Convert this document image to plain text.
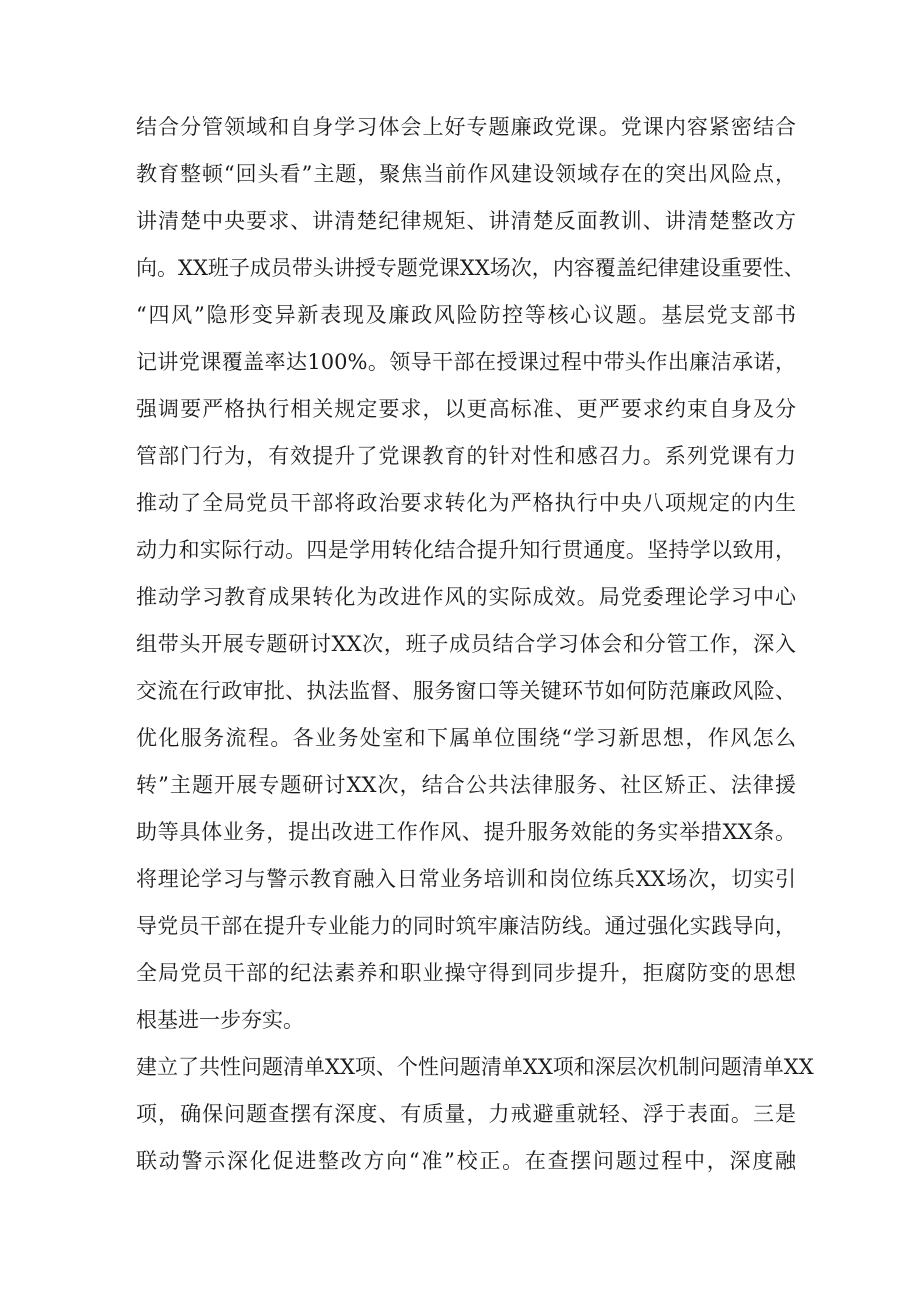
结合分管领域和自身学习体会上好专题廉政党课。党课内容紧密结合
教育整顿“回头看”主题，聚焦当前作风建设领域存在的突出风险点，
讲清楚中央要求、讲清楚纪律规矩、讲清楚反面教训、讲清楚整改方
向。XX班子成员带头讲授专题党课XX场次，内容覆盖纪律建设重要性、
“四风”隐形变异新表现及廉政风险防控等核心议题。基层党支部书
记讲党课覆盖率达100%。领导干部在授课过程中带头作出廉洁承诺，
强调要严格执行相关规定要求，以更高标准、更严要求约束自身及分
管部门行为，有效提升了党课教育的针对性和感召力。系列党课有力
推动了全局党员干部将政治要求转化为严格执行中央八项规定的内生
动力和实际行动。四是学用转化结合提升知行贯通度。坚持学以致用，
推动学习教育成果转化为改进作风的实际成效。局党委理论学习中心
组带头开展专题研讨XX次，班子成员结合学习体会和分管工作，深入
交流在行政审批、执法监督、服务窗口等关键环节如何防范廉政风险、
优化服务流程。各业务处室和下属单位围绕“学习新思想，作风怎么
转”主题开展专题研讨XX次，结合公共法律服务、社区矫正、法律援
助等具体业务，提出改进工作作风、提升服务效能的务实举措XX条。
将理论学习与警示教育融入日常业务培训和岗位练兵XX场次，切实引
导党员干部在提升专业能力的同时筑牢廉洁防线。通过强化实践导向，
全局党员干部的纪法素养和职业操守得到同步提升，拒腐防变的思想
根基进一步夯实。
建立了共性问题清单XX项、个性问题清单XX项和深层次机制问题清单XX
项，确保问题查摆有深度、有质量，力戒避重就轻、浮于表面。三是
联动警示深化促进整改方向“准”校正。在查摆问题过程中，深度融
